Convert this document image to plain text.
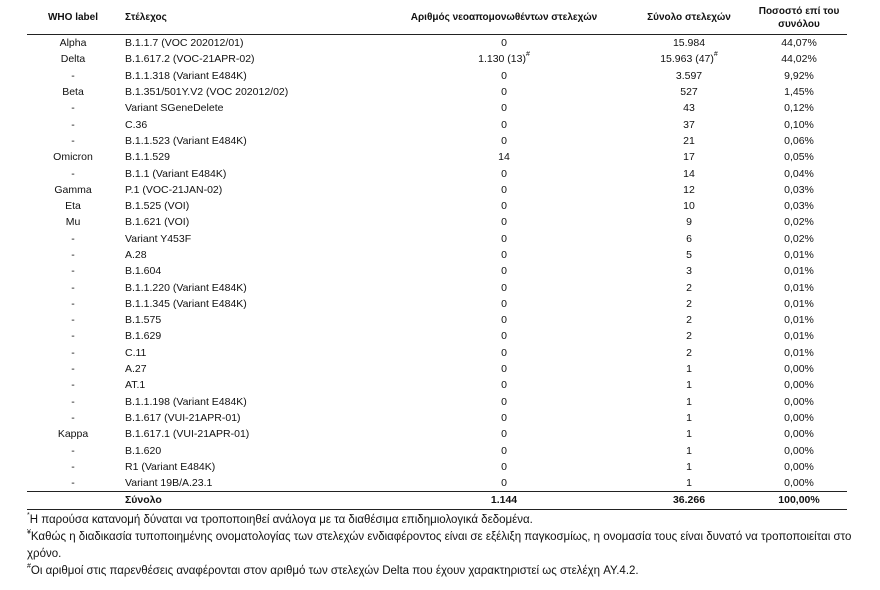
WHO label	Στέλεχος	Αριθμός νεοαπομονωθέντων στελεχών	Σύνολο στελεχών	Ποσοστό επί του συνόλου
Alpha	B.1.1.7 (VOC 202012/01)	0	15.984	44,07%
Delta	B.1.617.2 (VOC-21APR-02)	1.130 (13)#	15.963 (47)#	44,02%
-	B.1.1.318 (Variant E484K)	0	3.597	9,92%
Beta	B.1.351/501Y.V2 (VOC 202012/02)	0	527	1,45%
-	Variant SGeneDelete	0	43	0,12%
-	C.36	0	37	0,10%
-	B.1.1.523 (Variant E484K)	0	21	0,06%
Omicron	B.1.1.529	14	17	0,05%
-	B.1.1 (Variant E484K)	0	14	0,04%
Gamma	P.1 (VOC-21JAN-02)	0	12	0,03%
Eta	B.1.525 (VOI)	0	10	0,03%
Mu	B.1.621 (VOI)	0	9	0,02%
-	Variant Y453F	0	6	0,02%
-	A.28	0	5	0,01%
-	B.1.604	0	3	0,01%
-	B.1.1.220 (Variant E484K)	0	2	0,01%
-	B.1.1.345 (Variant E484K)	0	2	0,01%
-	B.1.575	0	2	0,01%
-	B.1.629	0	2	0,01%
-	C.11	0	2	0,01%
-	A.27	0	1	0,00%
-	AT.1	0	1	0,00%
-	B.1.1.198 (Variant E484K)	0	1	0,00%
-	B.1.617 (VUI-21APR-01)	0	1	0,00%
Kappa	B.1.617.1 (VUI-21APR-01)	0	1	0,00%
-	B.1.620	0	1	0,00%
-	R1 (Variant E484K)	0	1	0,00%
-	Variant 19B/A.23.1	0	1	0,00%
	Σύνολο	1.144	36.266	100,00%

*Η παρούσα κατανομή δύναται να τροποποιηθεί ανάλογα με τα διαθέσιμα επιδημιολογικά δεδομένα.

¥Καθώς η διαδικασία τυποποιημένης ονοματολογίας των στελεχών ενδιαφέροντος είναι σε εξέλιξη παγκοσμίως, η ονομασία τους είναι δυνατό να τροποποιείται στο χρόνο.

#Οι αριθμοί στις παρενθέσεις αναφέρονται στον αριθμό των στελεχών Delta που έχουν χαρακτηριστεί ως στελέχη AY.4.2.
